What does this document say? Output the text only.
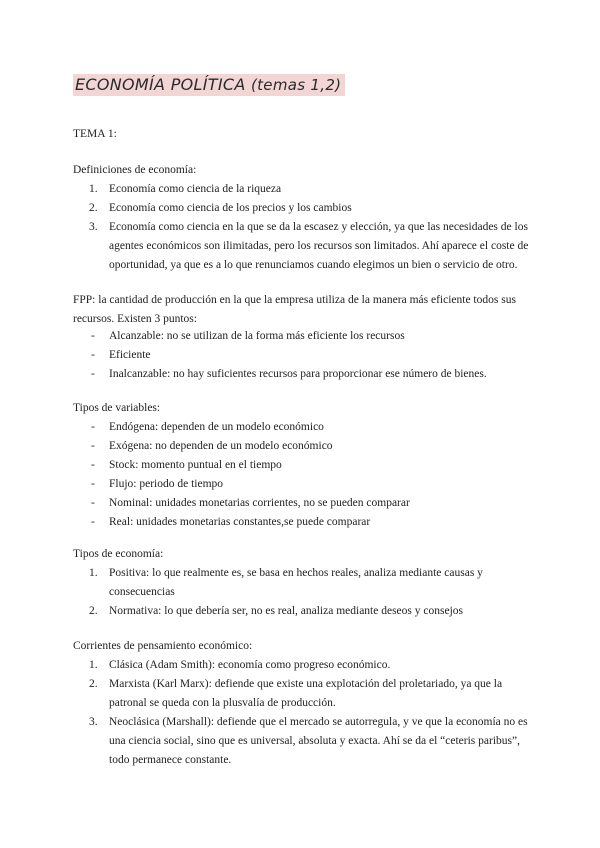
ECONOMÍA POLÍTICA (temas 1,2)
TEMA 1:
Definiciones de economía:
1. Economía como ciencia de la riqueza
2. Economía como ciencia de los precios y los cambios
3. Economía como ciencia en la que se da la escasez y elección, ya que las necesidades de los
agentes económicos son ilimitadas, pero los recursos son limitados. Ahí aparece el coste de
oportunidad, ya que es a lo que renunciamos cuando elegimos un bien o servicio de otro.
FPP: la cantidad de producción en la que la empresa utiliza de la manera más eficiente todos sus
recursos. Existen 3 puntos:
- Alcanzable: no se utilizan de la forma más eficiente los recursos
- Eficiente
- Inalcanzable: no hay suficientes recursos para proporcionar ese número de bienes.
Tipos de variables:
- Endógena: dependen de un modelo económico
- Exógena: no dependen de un modelo económico
- Stock: momento puntual en el tiempo
- Flujo: periodo de tiempo
- Nominal: unidades monetarias corrientes, no se pueden comparar
- Real: unidades monetarias constantes,se puede comparar
Tipos de economía:
1. Positiva: lo que realmente es, se basa en hechos reales, analiza mediante causas y
consecuencias
2. Normativa: lo que debería ser, no es real, analiza mediante deseos y consejos
Corrientes de pensamiento económico:
1. Clásica (Adam Smith): economía como progreso económico.
2. Marxista (Karl Marx): defiende que existe una explotación del proletariado, ya que la
patronal se queda con la plusvalía de producción.
3. Neoclásica (Marshall): defiende que el mercado se autorregula, y ve que la economía no es
una ciencia social, sino que es universal, absoluta y exacta. Ahí se da el “ceteris paribus”,
todo permanece constante.
